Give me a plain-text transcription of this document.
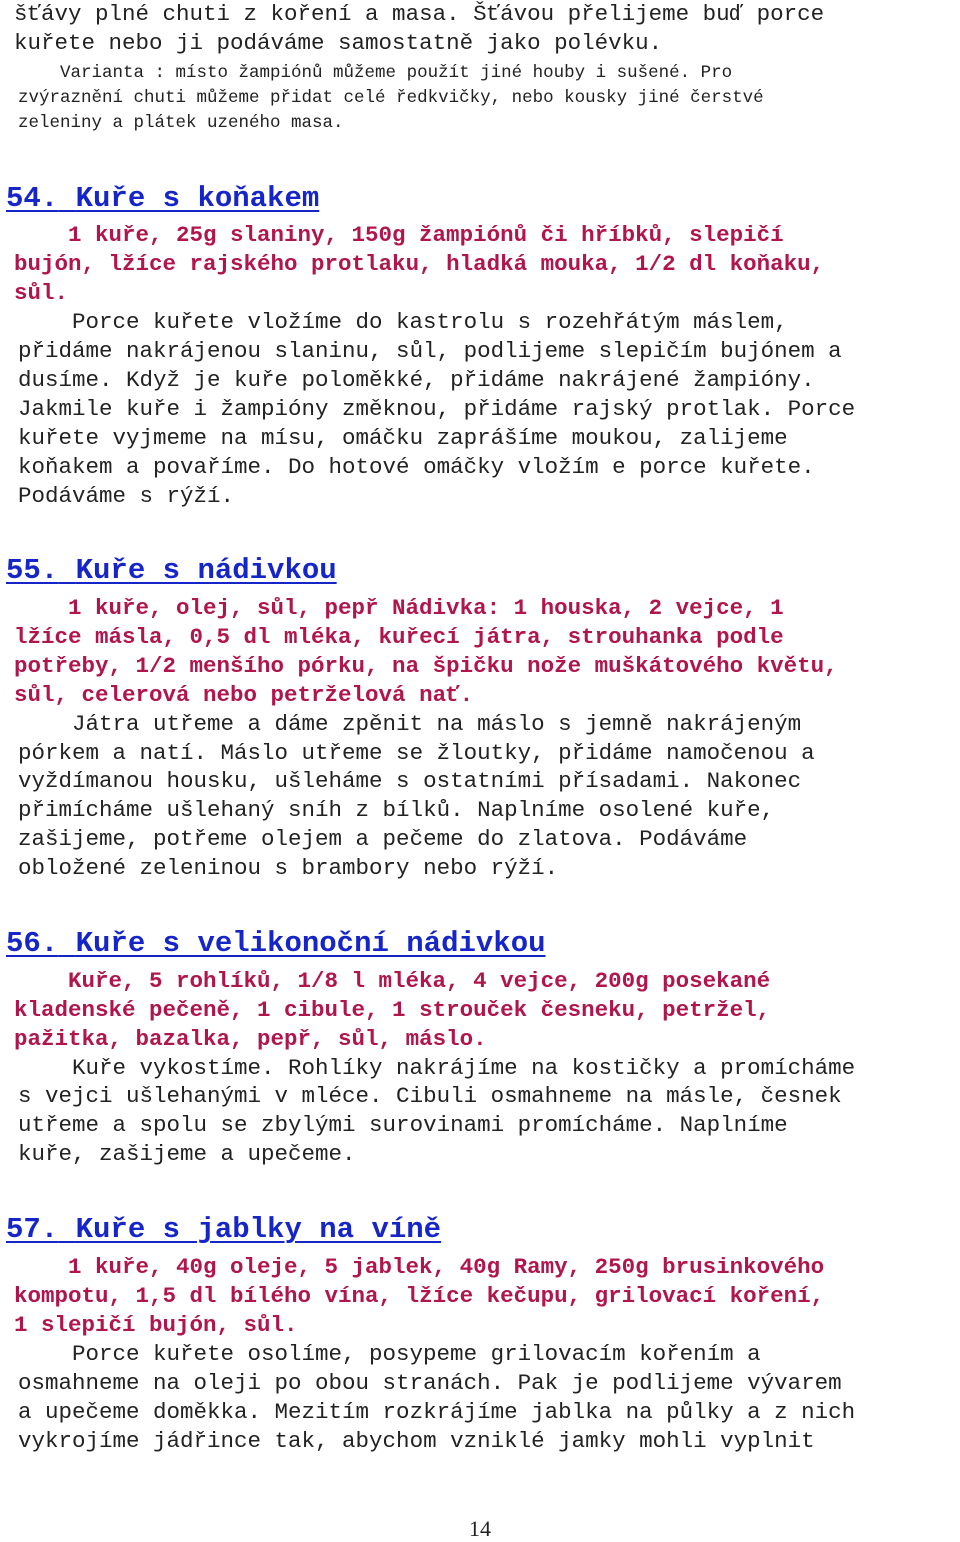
šťávy plné chuti z koření a masa. Šťávou přelijeme buď porce
kuřete nebo ji podáváme samostatně jako polévku.
Varianta : místo žampiónů můžeme použít jiné houby i sušené. Pro
zvýraznění chuti můžeme přidat celé ředkvičky, nebo kousky jiné čerstvé
zeleniny a plátek uzeného masa.
54. Kuře s koňakem
1 kuře, 25g slaniny, 150g žampiónů či hříbků, slepičí
bujón, lžíce rajského protlaku, hladká mouka, 1/2 dl koňaku,
sůl.
Porce kuřete vložíme do kastrolu s rozehřátým máslem,
přidáme nakrájenou slaninu, sůl, podlijeme slepičím bujónem a
dusíme. Když je kuře poloměkké, přidáme nakrájené žampióny.
Jakmile kuře i žampióny změknou, přidáme rajský protlak. Porce
kuřete vyjmeme na mísu, omáčku zaprášíme moukou, zalijeme
koňakem a povaříme. Do hotové omáčky vložím e porce kuřete.
Podáváme s rýží.
55. Kuře s nádivkou
1 kuře, olej, sůl, pepř Nádivka: 1 houska, 2 vejce, 1
lžíce másla, 0,5 dl mléka, kuřecí játra, strouhanka podle
potřeby, 1/2 menšího pórku, na špičku nože muškátového květu,
sůl, celerová nebo petrželová nať.
Játra utřeme a dáme zpěnit na máslo s jemně nakrájeným
pórkem a natí. Máslo utřeme se žloutky, přidáme namočenou a
vyždímanou housku, ušleháme s ostatními přísadami. Nakonec
přimícháme ušlehaný sníh z bílků. Naplníme osolené kuře,
zašijeme, potřeme olejem a pečeme do zlatova. Podáváme
obložené zeleninou s brambory nebo rýží.
56. Kuře s velikonoční nádivkou
Kuře, 5 rohlíků, 1/8 l mléka, 4 vejce, 200g posekané
kladenské pečeně, 1 cibule, 1 strouček česneku, petržel,
pažitka, bazalka, pepř, sůl, máslo.
Kuře vykostíme. Rohlíky nakrájíme na kostičky a promícháme
s vejci ušlehanými v mléce. Cibuli osmahneme na másle, česnek
utřeme a spolu se zbylými surovinami promícháme. Naplníme
kuře, zašijeme a upečeme.
57. Kuře s jablky na víně
1 kuře, 40g oleje, 5 jablek, 40g Ramy, 250g brusinkového
kompotu, 1,5 dl bílého vína, lžíce kečupu, grilovací koření,
1 slepičí bujón, sůl.
Porce kuřete osolíme, posypeme grilovacím kořením a
osmahneme na oleji po obou stranách. Pak je podlijeme vývarem
a upečeme doměkka. Mezitím rozkrájíme jablka na půlky a z nich
vykrojíme jádřince tak, abychom vzniklé jamky mohli vyplnit
14
